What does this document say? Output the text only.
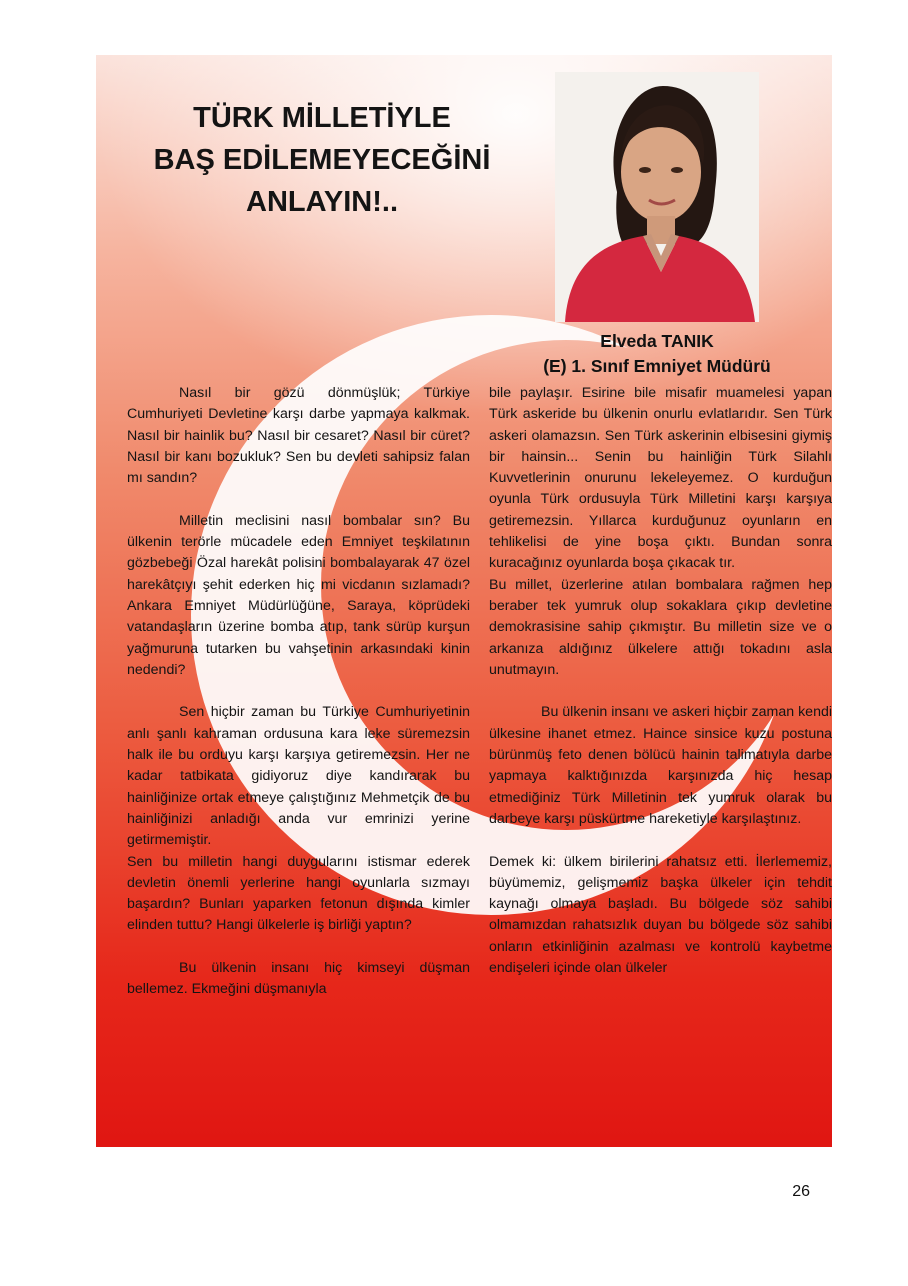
TÜRK MİLLETİYLE
BAŞ EDİLEMEYECEĞİNİ
ANLAYIN!..
Elveda TANIK
(E) 1. Sınıf Emniyet Müdürü

Nasıl bir gözü dönmüşlük; Türkiye Cumhuriyeti Devletine karşı darbe yapmaya kalkmak. Nasıl bir hainlik bu? Nasıl bir cesaret? Nasıl bir cüret? Nasıl bir kanı bozukluk? Sen bu devleti sahipsiz falan mı sandın?

Milletin meclisini nasıl bombalar sın? Bu ülkenin terörle mücadele eden Emniyet teşkilatının gözbebeği Özal harekât polisini bombalayarak 47 özel harekâtçıyı şehit ederken hiç mi vicdanın sızlamadı? Ankara Emniyet Müdürlüğüne, Saraya, köprüdeki vatandaşların üzerine bomba atıp, tank sürüp kurşun yağmuruna tutarken bu vahşetinin arkasındaki kinin nedendi?

Sen hiçbir zaman bu Türkiye Cumhuriyetinin anlı şanlı kahraman ordusuna kara leke süremezsin halk ile bu orduyu karşı karşıya getiremezsin. Her ne kadar tatbikata gidiyoruz diye kandırarak bu hainliğinize ortak etmeye çalıştığınız Mehmetçik de bu hainliğinizi anladığı anda vur emrinizi yerine getirmemiştir.

Sen bu milletin hangi duygularını istismar ederek devletin önemli yerlerine hangi oyunlarla sızmayı başardın? Bunları yaparken fetonun dışında kimler elinden tuttu? Hangi ülkelerle iş birliği yaptın?

Bu ülkenin insanı hiç kimseyi düşman bellemez. Ekmeğini düşmanıyla

bile paylaşır. Esirine bile misafir muamelesi yapan Türk askeride bu ülkenin onurlu evlatlarıdır. Sen Türk askeri olamazsın. Sen Türk askerinin elbisesini giymiş bir hainsin... Senin bu hainliğin Türk Silahlı Kuvvetlerinin onurunu lekeleyemez. O kurduğun oyunla Türk ordusuyla Türk Milletini karşı karşıya getiremezsin. Yıllarca kurduğunuz oyunların en tehlikelisi de yine boşa çıktı. Bundan sonra kuracağınız oyunlarda boşa çıkacak tır.

Bu millet, üzerlerine atılan bombalara rağmen hep beraber tek yumruk olup sokaklara çıkıp devletine demokrasisine sahip çıkmıştır. Bu milletin size ve o arkanıza aldığınız ülkelere attığı tokadını asla unutmayın.

Bu ülkenin insanı ve askeri hiçbir zaman kendi ülkesine ihanet etmez. Haince sinsice kuzu postuna bürünmüş feto denen bölücü hainin talimatıyla darbe yapmaya kalktığınızda karşınızda hiç hesap etmediğiniz Türk Milletinin tek yumruk olarak bu darbeye karşı püskürtme hareketiyle karşılaştınız.

Demek ki: ülkem birilerini rahatsız etti. İlerlememiz, büyümemiz, gelişmemiz başka ülkeler için tehdit kaynağı olmaya başladı. Bu bölgede söz sahibi olmamızdan rahatsızlık duyan bu bölgede söz sahibi onların etkinliğinin azalması ve kontrolü kaybetme endişeleri içinde olan ülkeler

26
